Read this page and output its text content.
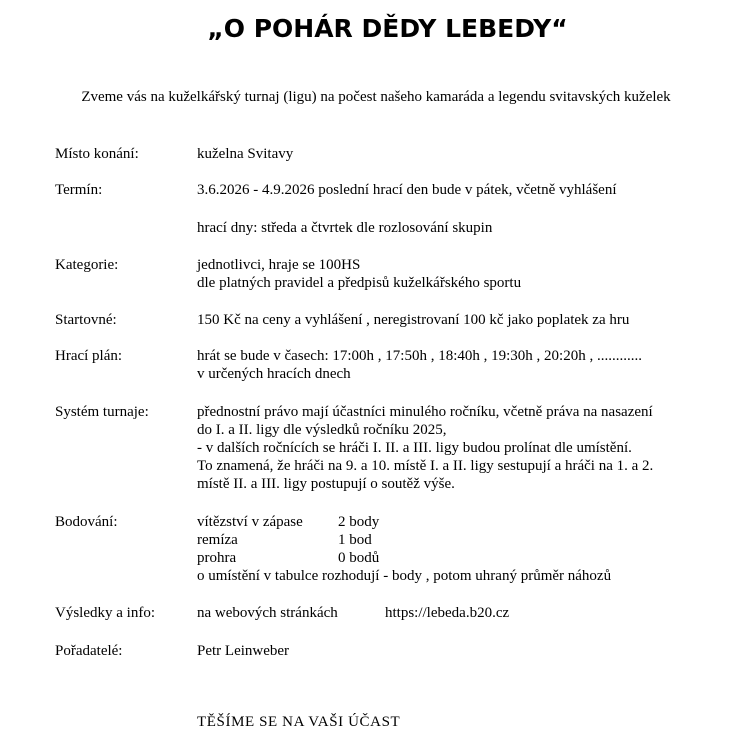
„O POHÁR DĚDY LEBEDY“
Zveme vás na kuželkářský turnaj (ligu) na počest našeho kamaráda a legendu svitavských kuželek
Místo konání:	kuželna Svitavy
Termín:	3.6.2026 - 4.9.2026 poslední hrací den bude v pátek, včetně vyhlášení
hrací dny: středa a čtvrtek dle rozlosování skupin
Kategorie:	jednotlivci, hraje se 100HS
dle platných pravidel a předpisů kuželkářského sportu
Startovné:	150 Kč na ceny a vyhlášení , neregistrovaní 100 kč jako poplatek za hru
Hrací plán:	hrát se bude v časech: 17:00h , 17:50h , 18:40h , 19:30h , 20:20h , ............
v určených hracích dnech
Systém turnaje:	přednostní právo mají účastníci minulého ročníku, včetně práva na nasazení
do I. a II. ligy dle výsledků ročníku 2025,
- v dalších ročnících se hráči I. II. a III. ligy budou prolínat dle umístění.
To znamená, že hráči na 9. a 10. místě I. a II. ligy sestupují a hráči na 1. a 2.
místě II. a III. ligy postupují o soutěž výše.
Bodování:	vítězství v zápase 2 body
remíza	1 bod
prohra	0 bodů
o umístění v tabulce rozhodují - body , potom uhraný průměr náhozů
Výsledky a info:	na webových stránkách	https://lebeda.b20.cz
Pořadatelé:	Petr Leinweber
TĚŠÍME SE NA VAŠI ÚČAST
